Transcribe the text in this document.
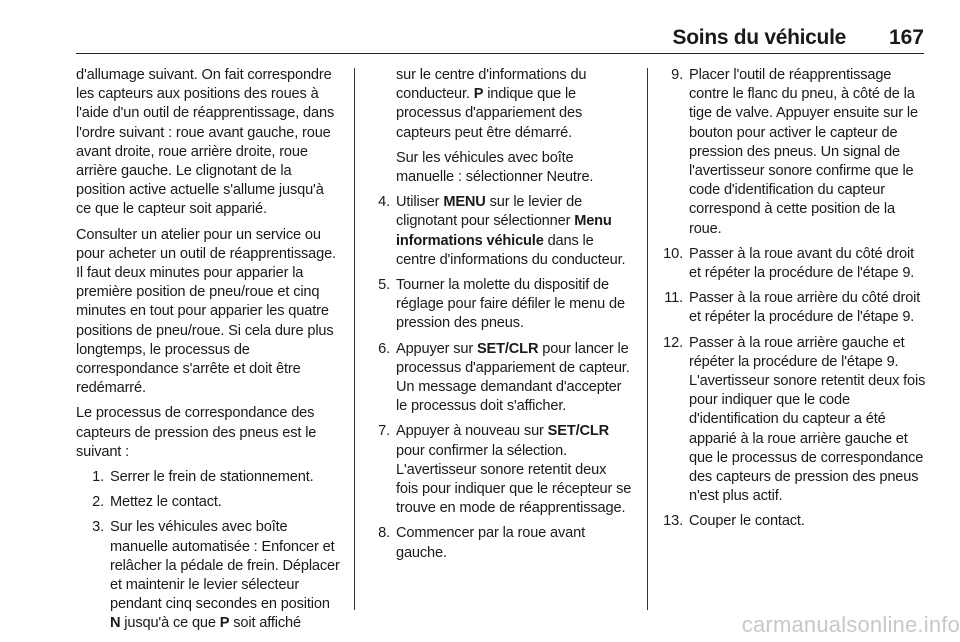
Soins du véhicule 167

d'allumage suivant. On fait correspondre les capteurs aux positions des roues à l'aide d'un outil de réapprentissage, dans l'ordre suivant : roue avant gauche, roue avant droite, roue arrière droite, roue arrière gauche. Le clignotant de la position active actuelle s'allume jusqu'à ce que le capteur soit apparié.

Consulter un atelier pour un service ou pour acheter un outil de réapprentissage. Il faut deux minutes pour apparier la première position de pneu/roue et cinq minutes en tout pour apparier les quatre positions de pneu/roue. Si cela dure plus longtemps, le processus de correspondance s'arrête et doit être redémarré.

Le processus de correspondance des capteurs de pression des pneus est le suivant :

1. Serrer le frein de stationnement.
2. Mettez le contact.
3. Sur les véhicules avec boîte manuelle automatisée : Enfoncer et relâcher la pédale de frein. Déplacer et maintenir le levier sélecteur pendant cinq secondes en position N jusqu'à ce que P soit affiché

sur le centre d'informations du conducteur. P indique que le processus d'appariement des capteurs peut être démarré.

Sur les véhicules avec boîte manuelle : sélectionner Neutre.

4. Utiliser MENU sur le levier de clignotant pour sélectionner Menu informations véhicule dans le centre d'informations du conducteur.
5. Tourner la molette du dispositif de réglage pour faire défiler le menu de pression des pneus.
6. Appuyer sur SET/CLR pour lancer le processus d'appariement de capteur. Un message demandant d'accepter le processus doit s'afficher.
7. Appuyer à nouveau sur SET/CLR pour confirmer la sélection. L'avertisseur sonore retentit deux fois pour indiquer que le récepteur se trouve en mode de réapprentissage.
8. Commencer par la roue avant gauche.
9. Placer l'outil de réapprentissage contre le flanc du pneu, à côté de la tige de valve. Appuyer ensuite sur le bouton pour activer le capteur de pression des pneus. Un signal de l'avertisseur sonore confirme que le code d'identification du capteur correspond à cette position de la roue.
10. Passer à la roue avant du côté droit et répéter la procédure de l'étape 9.
11. Passer à la roue arrière du côté droit et répéter la procédure de l'étape 9.
12. Passer à la roue arrière gauche et répéter la procédure de l'étape 9. L'avertisseur sonore retentit deux fois pour indiquer que le code d'identification du capteur a été apparié à la roue arrière gauche et que le processus de correspondance des capteurs de pression des pneus n'est plus actif.
13. Couper le contact.
carmanualsonline.info
